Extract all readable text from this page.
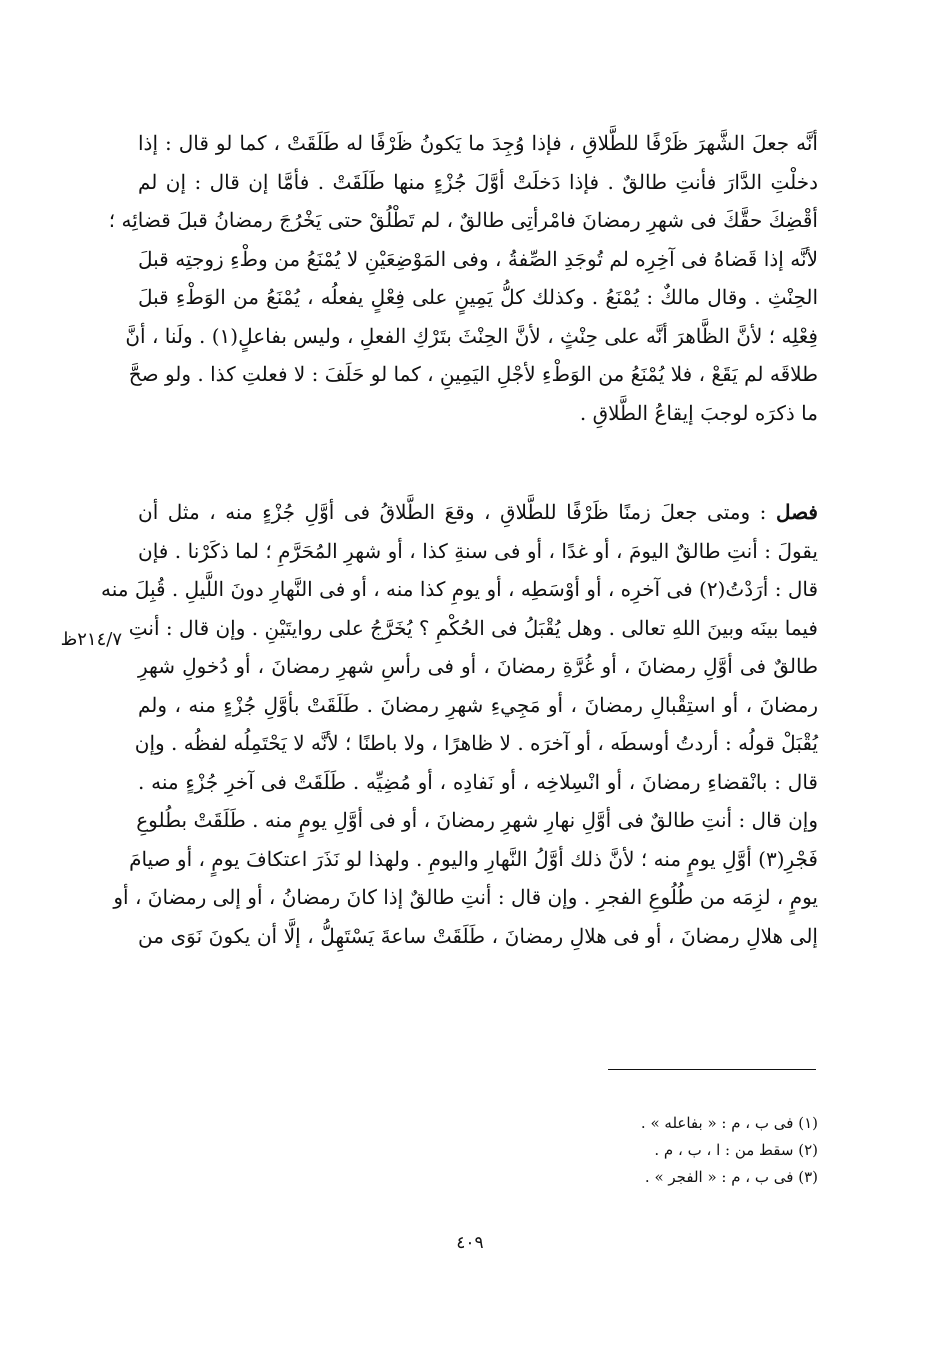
أنَّه جعلَ الشَّهرَ ظَرْفًا للطَّلاقِ ، فإذا وُجِدَ ما يَكونُ ظَرْفًا له طَلَقَتْ ، كما لو قال : إذا
دخلْتِ الدَّارَ فأنتِ طالقٌ . فإذا دَخلَتْ أوَّلَ جُزْءٍ منها طَلَقَتْ . فأمَّا إن قال : إن لم
أقْضِكَ حقَّكَ فى شهرِ رمضانَ فامْرأتِى طالقٌ ، لم تَطْلُقْ حتى يَخْرُجَ رمضانُ قبلَ قضائِه ؛
لأنَّه إذا قَضاهُ فى آخِرِه لم تُوجَدِ الصِّفةُ ، وفى المَوْضِعَيْنِ لا يُمْنَعُ من وطْءِ زوجتِه قبلَ
الحِنْثِ . وقال مالكٌ : يُمْنَعُ . وكذلك كلُّ يَمِينٍ على فِعْلٍ يفعلُه ، يُمْنَعُ من الوَطْءِ قبلَ
فِعْلِه ؛ لأنَّ الظَّاهرَ أنَّه على حِنْثٍ ، لأنَّ الحِنْثَ بتَرْكِ الفعلِ ، وليس بفاعلٍ(١) . ولَنا ، أنَّ
طلاقَه لم يَقَعْ ، فلا يُمْنَعُ من الوَطْءِ لأجْلِ اليَمِينِ ، كما لو حَلَفَ : لا فعلتِ كذا . ولو صحَّ
ما ذكرَه لوجبَ إيقاعُ الطَّلاقِ .
فصل : ومتى جعلَ زمنًا ظَرْفًا للطَّلاقِ ، وقعَ الطَّلاقُ فى أوَّلِ جُزْءٍ منه ، مثل أن
يقولَ : أنتِ طالقٌ اليومَ ، أو غدًا ، أو فى سنةِ كذا ، أو شهرِ المُحَرَّمِ ؛ لما ذكَرْنا . فإن
قال : أرَدْتُ(٢) فى آخرِه ، أو أوْسَطِه ، أو يومِ كذا منه ، أو فى النَّهارِ دونَ اللَّيلِ . قُبِلَ منه
فيما بينَه وبينَ اللهِ تعالى . وهل يُقْبَلُ فى الحُكْمِ ؟ يُخَرَّجُ على روايتَيْنِ . وإن قال : أنتِ
طالقٌ فى أوَّلِ رمضانَ ، أو غُرَّةِ رمضانَ ، أو فى رأسِ شهرِ رمضانَ ، أو دُخولِ شهرِ
رمضانَ ، أو استِقْبالِ رمضانَ ، أو مَجِيءِ شهرِ رمضانَ . طَلَقَتْ بأوَّلِ جُزْءٍ منه ، ولم
يُقْبَلْ قولُه : أردتُ أوسطَه ، أو آخرَه . لا ظاهرًا ، ولا باطنًا ؛ لأنَّه لا يَحْتَمِلُه لفظُه . وإن
قال : بانْقضاءِ رمضانَ ، أو انْسِلاخِه ، أو نَفادِه ، أو مُضِيِّه . طَلَقَتْ فى آخرِ جُزْءٍ منه .
وإن قال : أنتِ طالقٌ فى أوَّلِ نهارِ شهرِ رمضانَ ، أو فى أوَّلِ يومٍ منه . طَلَقَتْ بطُلوعِ
فَجْرِ(٣) أوَّلِ يومٍ منه ؛ لأنَّ ذلك أوَّلُ النَّهارِ واليومِ . ولهذا لو نَذَرَ اعتكافَ يومٍ ، أو صيامَ
يومٍ ، لزِمَه من طُلُوعِ الفجرِ . وإن قال : أنتِ طالقٌ إذا كانَ رمضانُ ، أو إلى رمضانَ ، أو
إلى هلالِ رمضانَ ، أو فى هلالِ رمضانَ ، طَلَقَتْ ساعةَ يَسْتَهِلُّ ، إلَّا أن يكونَ نَوَى من
٢١٤/٧ظ
(١) فى ب ، م : « بفاعله » .
(٢) سقط من : ا ، ب ، م .
(٣) فى ب ، م : « الفجر » .
٤٠٩
